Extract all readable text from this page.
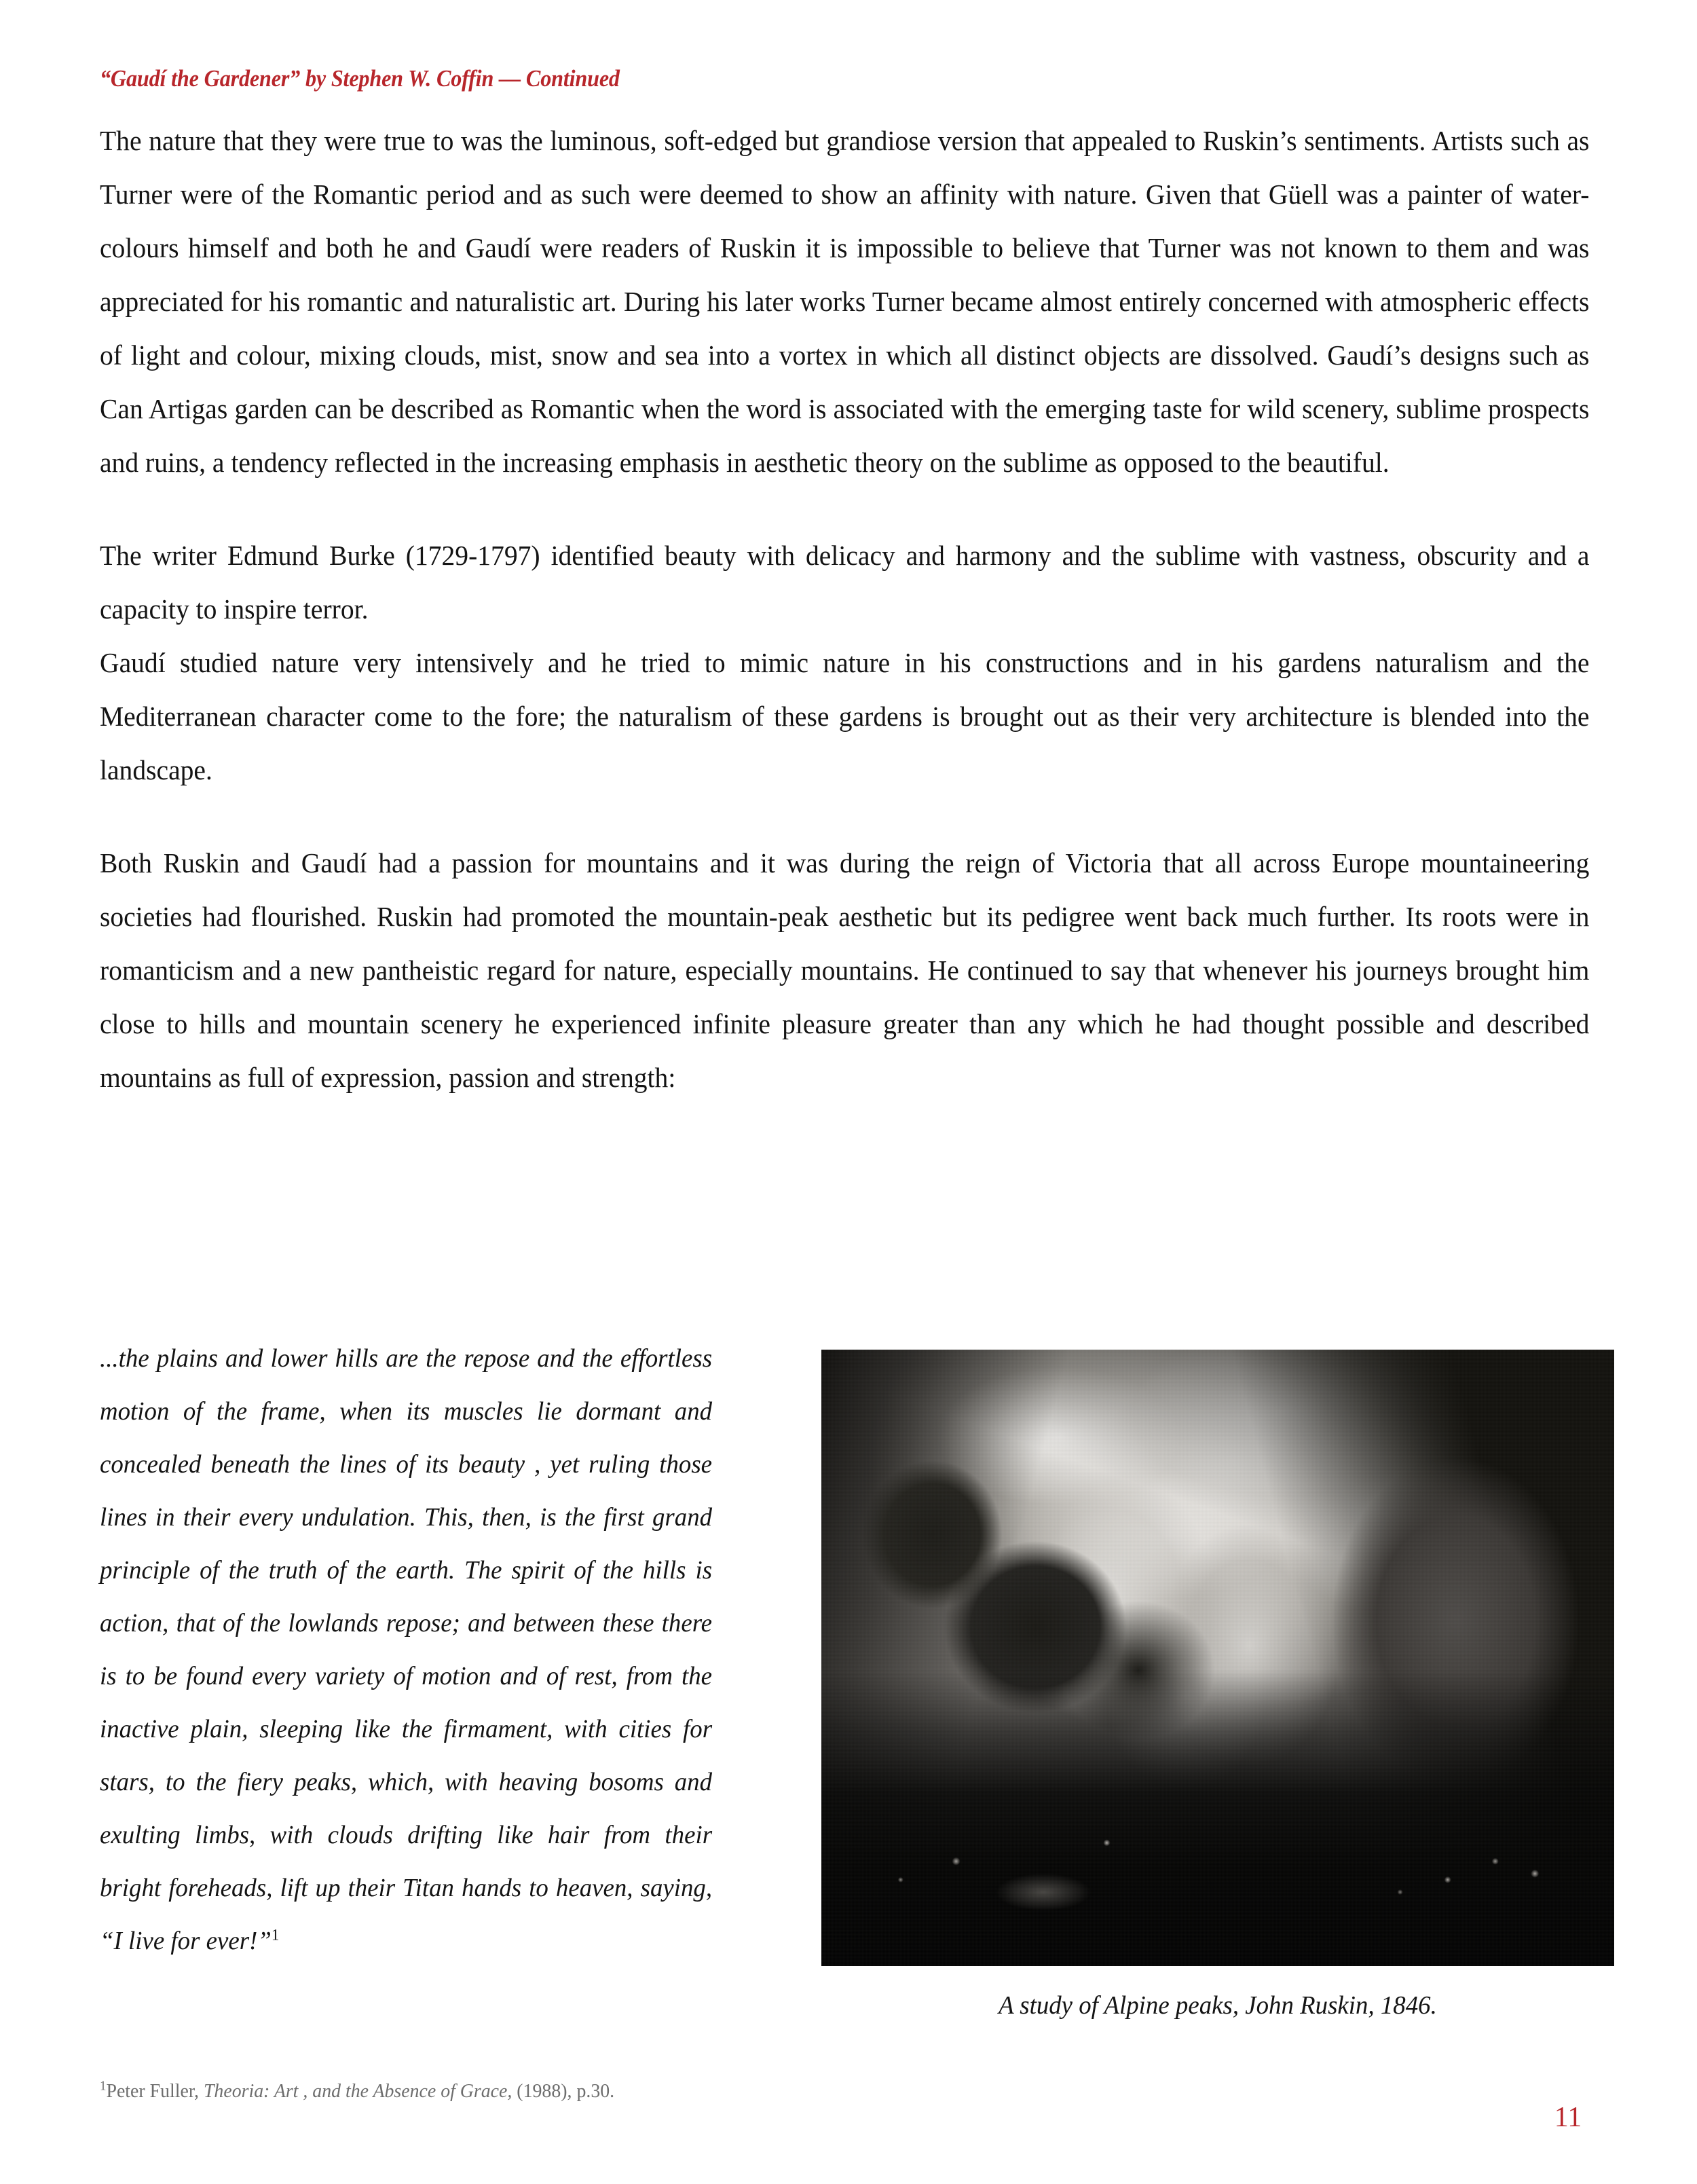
“Gaudí the Gardener” by Stephen W. Coffin — Continued

The nature that they were true to was the luminous, soft-edged but grandiose version that appealed to Ruskin’s sentiments. Artists such as Turner were of the Romantic period and as such were deemed to show an affinity with nature. Given that Güell was a painter of water-colours himself and both he and Gaudí were readers of Ruskin it is impossible to believe that Turner was not known to them and was appreciated for his romantic and naturalistic art. During his later works Turner became almost entirely concerned with atmospheric effects of light and colour, mixing clouds, mist, snow and sea into a vortex in which all distinct objects are dissolved. Gaudí’s designs such as Can Artigas garden can be described as Romantic when the word is associated with the emerging taste for wild scenery, sublime prospects and ruins, a tendency reflected in the increasing emphasis in aesthetic theory on the sublime as opposed to the beautiful.

The writer Edmund Burke (1729-1797) identified beauty with delicacy and harmony and the sublime with vastness, obscurity and a capacity to inspire terror.

Gaudí studied nature very intensively and he tried to mimic nature in his constructions and in his gardens naturalism and the Mediterranean character come to the fore; the naturalism of these gardens is brought out as their very architecture is blended into the landscape.

Both Ruskin and Gaudí had a passion for mountains and it was during the reign of Victoria that all across Europe mountaineering societies had flourished. Ruskin had promoted the mountain-peak aesthetic but its pedigree went back much further. Its roots were in romanticism and a new pantheistic regard for nature, especially mountains. He continued to say that whenever his journeys brought him close to hills and mountain scenery he experienced infinite pleasure greater than any which he had thought possible and described mountains as full of expression, passion and strength:

...the plains and lower hills are the repose and the effortless motion of the frame, when its muscles lie dormant and concealed beneath the lines of its beauty , yet ruling those lines in their every undulation. This, then, is the first grand principle of the truth of the earth. The spirit of the hills is action, that of the lowlands repose; and between these there is to be found every variety of motion and of rest, from the inactive plain, sleeping like the firmament, with cities for stars, to the fiery peaks, which, with heaving bosoms and exulting limbs, with clouds drifting like hair from their bright foreheads, lift up their Titan hands to heaven, saying, “I live for ever!”$^1$
A study of Alpine peaks, John Ruskin, 1846.
$^1$Peter Fuller, Theoria: Art , and the Absence of Grace, (1988), p.30.
11
